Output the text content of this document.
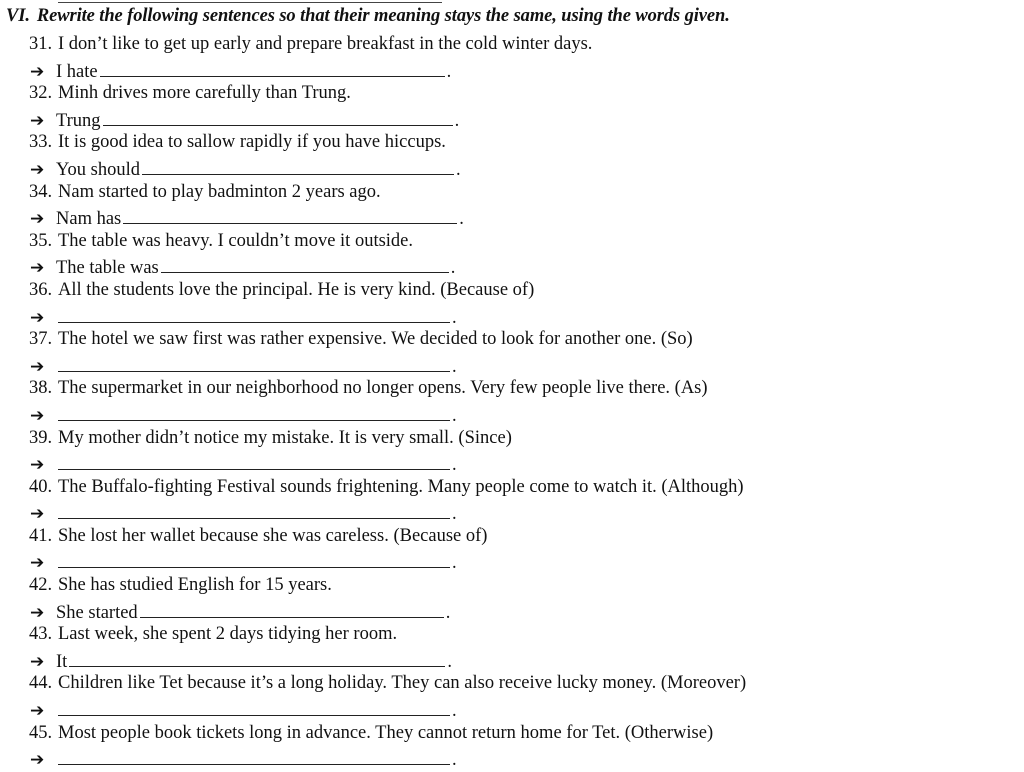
VI. Rewrite the following sentences so that their meaning stays the same, using the words given.
31. I don’t like to get up early and prepare breakfast in the cold winter days.
➔ I hate	.
32. Minh drives more carefully than Trung.
➔ Trung	.
33. It is good idea to sallow rapidly if you have hiccups.
➔ You should	.
34. Nam started to play badminton 2 years ago.
➔ Nam has	.
35. The table was heavy. I couldn’t move it outside.
➔ The table was	.
36. All the students love the principal. He is very kind. (Because of)
➔	.
37. The hotel we saw first was rather expensive. We decided to look for another one. (So)
➔	.
38. The supermarket in our neighborhood no longer opens. Very few people live there. (As)
➔	.
39. My mother didn’t notice my mistake. It is very small. (Since)
➔	.
40. The Buffalo-fighting Festival sounds frightening. Many people come to watch it. (Although)
➔	.
41. She lost her wallet because she was careless. (Because of)
➔	.
42. She has studied English for 15 years.
➔ She started	.
43. Last week, she spent 2 days tidying her room.
➔ It	.
44. Children like Tet because it’s a long holiday. They can also receive lucky money. (Moreover)
➔	.
45. Most people book tickets long in advance. They cannot return home for Tet. (Otherwise)
➔	.
